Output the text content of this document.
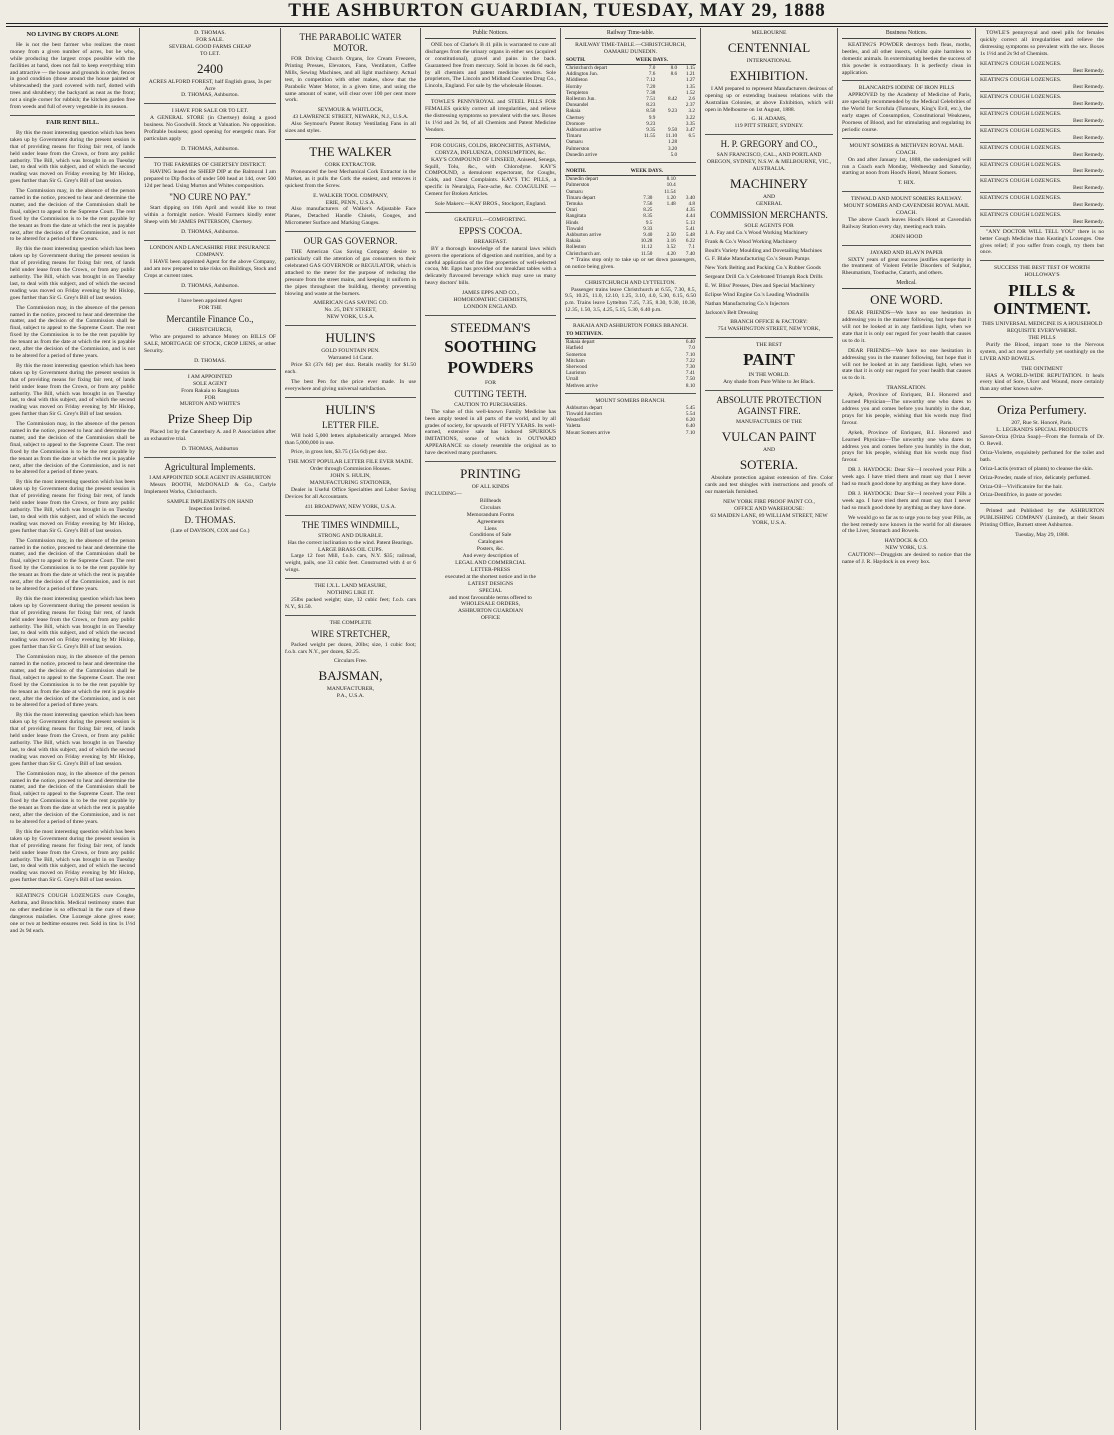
THE ASHBURTON GUARDIAN, TUESDAY, MAY 29, 1888
NO LIVING BY CROPS ALONE

He is not the best farmer who realizes the most money from a given number of acres, but he who, while producing the largest crops possible with the facilities at hand, does not fail to keep everything trim and attractive — the house and grounds in order, fences in good condition (those around the house painted or whitewashed) the yard covered with turf, dotted with trees and shrubbery; the backyard as neat as the front; not a single corner for rubbish; the kitchen garden free from weeds and full of every vegetable in its season.

FAIR RENT BILL.

By this the most interesting question which has been taken up by Government during the present session is that of providing means for fixing fair rent, of lands held under lease from the Crown, or from any public authority. The Bill, which was brought in on Tuesday last, to deal with this subject, and of which the second reading was moved on Friday evening by Mr Hislop, goes further than Sir G. Grey's Bill of last session.

The Commission may, in the absence of the person named in the notice, proceed to hear and determine the matter, and the decision of the Commission shall be final, subject to appeal to the Supreme Court. The rent fixed by the Commission is to be the rent payable by the tenant as from the date at which the rent is payable next, after the decision of the Commission, and is not to be altered for a period of three years.

By this the most interesting question which has been taken up by Government during the present session is that of providing means for fixing fair rent, of lands held under lease from the Crown, or from any public authority. The Bill, which was brought in on Tuesday last, to deal with this subject, and of which the second reading was moved on Friday evening by Mr Hislop, goes further than Sir G. Grey's Bill of last session.

The Commission may, in the absence of the person named in the notice, proceed to hear and determine the matter, and the decision of the Commission shall be final, subject to appeal to the Supreme Court. The rent fixed by the Commission is to be the rent payable by the tenant as from the date at which the rent is payable next, after the decision of the Commission, and is not to be altered for a period of three years.

By this the most interesting question which has been taken up by Government during the present session is that of providing means for fixing fair rent, of lands held under lease from the Crown, or from any public authority. The Bill, which was brought in on Tuesday last, to deal with this subject, and of which the second reading was moved on Friday evening by Mr Hislop, goes further than Sir G. Grey's Bill of last session.

The Commission may, in the absence of the person named in the notice, proceed to hear and determine the matter, and the decision of the Commission shall be final, subject to appeal to the Supreme Court. The rent fixed by the Commission is to be the rent payable by the tenant as from the date at which the rent is payable next, after the decision of the Commission, and is not to be altered for a period of three years.

By this the most interesting question which has been taken up by Government during the present session is that of providing means for fixing fair rent, of lands held under lease from the Crown, or from any public authority. The Bill, which was brought in on Tuesday last, to deal with this subject, and of which the second reading was moved on Friday evening by Mr Hislop, goes further than Sir G. Grey's Bill of last session.

The Commission may, in the absence of the person named in the notice, proceed to hear and determine the matter, and the decision of the Commission shall be final, subject to appeal to the Supreme Court. The rent fixed by the Commission is to be the rent payable by the tenant as from the date at which the rent is payable next, after the decision of the Commission, and is not to be altered for a period of three years.

By this the most interesting question which has been taken up by Government during the present session is that of providing means for fixing fair rent, of lands held under lease from the Crown, or from any public authority. The Bill, which was brought in on Tuesday last, to deal with this subject, and of which the second reading was moved on Friday evening by Mr Hislop, goes further than Sir G. Grey's Bill of last session.

The Commission may, in the absence of the person named in the notice, proceed to hear and determine the matter, and the decision of the Commission shall be final, subject to appeal to the Supreme Court. The rent fixed by the Commission is to be the rent payable by the tenant as from the date at which the rent is payable next, after the decision of the Commission, and is not to be altered for a period of three years.

By this the most interesting question which has been taken up by Government during the present session is that of providing means for fixing fair rent, of lands held under lease from the Crown, or from any public authority. The Bill, which was brought in on Tuesday last, to deal with this subject, and of which the second reading was moved on Friday evening by Mr Hislop, goes further than Sir G. Grey's Bill of last session.

The Commission may, in the absence of the person named in the notice, proceed to hear and determine the matter, and the decision of the Commission shall be final, subject to appeal to the Supreme Court. The rent fixed by the Commission is to be the rent payable by the tenant as from the date at which the rent is payable next, after the decision of the Commission, and is not to be altered for a period of three years.

By this the most interesting question which has been taken up by Government during the present session is that of providing means for fixing fair rent, of lands held under lease from the Crown, or from any public authority. The Bill, which was brought in on Tuesday last, to deal with this subject, and of which the second reading was moved on Friday evening by Mr Hislop, goes further than Sir G. Grey's Bill of last session.

KEATING'S COUGH LOZENGES cure Coughs, Asthma, and Bronchitis. Medical testimony states that no other medicine is so effectual in the cure of these dangerous maladies. One Lozenge alone gives ease; one or two at bedtime ensures rest. Sold in tins 1s 1½d and 2s 9d each.

D. THOMAS.
FOR SALE.
SEVERAL GOOD FARMS CHEAP
TO LET.
2400
ACRES ALFORD FOREST, half English grass, 3s per Acre
D. THOMAS, Ashburton.
I HAVE FOR SALE OR TO LET.

A GENERAL STORE (in Chertsey) doing a good business. No Goodwill. Stock at Valuation. No opposition. Profitable business; good opening for energetic man. For particulars apply

D. THOMAS, Ashburton.
TO THE FARMERS OF CHERTSEY DISTRICT.

HAVING leased the SHEEP DIP at the Balmoral I am prepared to Dip flocks of under 500 head at 14d, over 500 12d per head. Using Murton and Whites composition.

"NO CURE NO PAY."

Start dipping on 16th April and would like to treat within a fortnight notice. Would Farmers kindly enter Sheep with Mr JAMES PATTERSON, Chertsey.

D. THOMAS, Ashburton.
LONDON AND LANCASHIRE FIRE INSURANCE COMPANY.

I HAVE been appointed Agent for the above Company, and am now prepared to take risks on Buildings, Stock and Crops at current rates.

D. THOMAS, Ashburton.
I have been appointed Agent
FOR THE
Mercantile Finance Co.,
CHRISTCHURCH,

Who are prepared to advance Money on BILLS OF SALE, MORTGAGE OF STOCK, CROP LIENS, or other Security.

D. THOMAS.
I AM APPOINTED
SOLE AGENT
From Rakaia to Rangitata
FOR
MURTON AND WHITE'S
Prize Sheep Dip

Placed 1st by the Canterbury A. and P. Association after an exhaustive trial.

D. THOMAS, Ashburton
Agricultural Implements.
I AM APPOINTED SOLE AGENT IN ASHBURTON

Messrs BOOTH, McDONALD & Co., Carlyle Implement Works, Christchurch.

SAMPLE IMPLEMENTS ON HAND
Inspection Invited.
D. THOMAS.
(Late of DAVISON, COX and Co.)
THE PARABOLIC WATER MOTOR.

FOR Driving Church Organs, Ice Cream Freezers, Printing Presses, Elevators, Fans, Ventilators, Coffee Mills, Sewing Machines, and all light machinery. Actual test, in competition with other makes, show that the Parabolic Water Motor, in a given time, and using the same amount of water, will clear over 100 per cent more work.

SEYMOUR & WHITLOCK,
43 LAWRENCE STREET, NEWARK, N.J., U.S.A.

Also Seymour's Patent Rotary Ventilating Fans in all sizes and styles.

THE WALKER
CORK EXTRACTOR.

Pronounced the best Mechanical Cork Extractor in the Market, as it pulls the Cork the easiest, and removes it quickest from the Screw.

E. WALKER TOOL COMPANY,
ERIE, PENN., U.S.A.

Also manufacturers of Walker's Adjustable Face Planes, Detached Handle Chisels, Gouges, and Micrometer Surface and Marking Gauges.

OUR GAS GOVERNOR.

THE American Gas Saving Company desire to particularly call the attention of gas consumers to their celebrated GAS GOVERNOR or REGULATOR, which is attached to the meter for the purpose of reducing the pressure from the street mains, and keeping it uniform in the pipes throughout the building, thereby preventing blowing and waste at the burners.

AMERICAN GAS SAVING CO.
No. 25, DEY STREET,
NEW YORK, U.S.A.
HULIN'S
GOLD FOUNTAIN PEN.
Warranted 14 Carat.

Price $3 (37s 6d) per doz. Retails readily for $1.50 each.

The best Pen for the price ever made. In use everywhere and giving universal satisfaction.

HULIN'S
LETTER FILE.

Will hold 5,000 letters alphabetically arranged. More than 5,000,000 in use.

Price, in gross lots, $3.75 (15s 6d) per doz.

THE MOST POPULAR LETTER FILE EVER MADE.
Order through Commission Houses.
JOHN S. HULIN,
MANUFACTURING STATIONER,

Dealer in Useful Office Specialties and Labor Saving Devices for all Accountants.

411 BROADWAY, NEW YORK, U.S.A.
THE TIMES WINDMILL,
STRONG AND DURABLE.
Has the correct inclination to the wind. Patent Bearings.
LARGE BRASS OIL CUPS.

Large 12 foot Mill, f.o.b. cars, N.Y. $35; railroad, weight, pails, one 33 cubic feet. Constructed with 4 or 6 wings.

THE I.X.L. LAND MEASURE,
NOTHING LIKE IT.

25lbs packed weight; size, 12 cubic feet; f.o.b. cars N.Y., $1.50.

THE COMPLETE
WIRE STRETCHER,

Packed weight per dozen, 20lbs; size, 1 cubic foot; f.o.b. cars N.Y., per dozen, $2.25.

Circulars Free.
BAJSMAN,
MANUFACTURER,
P.A., U.S.A.
Public Notices.

ONE box of Clarke's B 41 pills is warranted to cure all discharges from the urinary organs in either sex (acquired or constitutional), gravel and pains in the back. Guaranteed free from mercury. Sold in boxes 4s 6d each, by all chemists and patent medicine vendors. Sole proprietors, The Lincoln and Midland Counties Drug Co., Lincoln, England. For sale by the wholesale Houses.

TOWLE'S PENNYROYAL and STEEL PILLS FOR FEMALES quickly correct all irregularities, and relieve the distressing symptoms so prevalent with the sex. Boxes 1s 1½d and 2s 9d, of all Chemists and Patent Medicine Vendors.

FOR COUGHS, COLDS, BRONCHITIS, ASTHMA, CORYZA, INFLUENZA, CONSUMPTION, &c.

KAY'S COMPOUND OF LINSEED, Aniseed, Senega, Squill, Tolu, &c., with Chlorodyne. KAY'S COMPOUND, a demulcent expectorant, for Coughs, Colds, and Chest Complaints. KAY'S TIC PILLS, a specific in Neuralgia, Face-ache, &c. COAGULINE — Cement for Broken Articles.

Sole Makers:—KAY BROS., Stockport, England.
GRATEFUL—COMFORTING.
EPPS'S COCOA.
BREAKFAST.

BY a thorough knowledge of the natural laws which govern the operations of digestion and nutrition, and by a careful application of the fine properties of well-selected cocoa, Mr. Epps has provided our breakfast tables with a delicately flavoured beverage which may save us many heavy doctors' bills.

JAMES EPPS AND CO.,
HOMOEOPATHIC CHEMISTS,
LONDON ENGLAND.
STEEDMAN'S
SOOTHING
POWDERS
FOR
CUTTING TEETH.
CAUTION TO PURCHASERS.

The value of this well-known Family Medicine has been amply tested in all parts of the world, and by all grades of society, for upwards of FIFTY YEARS. Its well-earned, extensive sale has induced SPURIOUS IMITATIONS, some of which in OUTWARD APPEARANCE so closely resemble the original as to have deceived many purchasers.

PRINTING
OF ALL KINDS
INCLUDING—
Billheads
Circulars
Memorandum Forms
Agreements
Liens
Conditions of Sale
Catalogues
Posters, &c.
And every description of
LEGAL AND COMMERCIAL
LETTER-PRESS
executed at the shortest notice and in the
LATEST DESIGNS
SPECIAL
and most favourable terms offered to
WHOLESALE ORDERS,
ASHBURTON GUARDIAN
OFFICE
Railway Time-table.
RAILWAY TIME-TABLE.—CHRISTCHURCH, OAMARU DUNEDIN.
SOUTH.	WEEK DAYS.		
Christchurch depart	7.0	8.0	1.15
Addington Jun.	7.6	8.6	1.21
Middleton	7.12		1.27
Hornby	7.20		1.35
Templeton	7.38		1.52
Rolleston Jun.	7.51	8.42	2.6
Dunsandel	8.23		2.37
Rakaia	8.50	9.23	3.2
Chertsey	9.9		3.22
Dromore	9.23		3.35
Ashburton arrive	9.35	9.50	3.47
Timaru	11.55	11.10	6.5
Oamaru		1.28	
Palmerston		3.20	
Dunedin arrive		5.0	
NORTH.	WEEK DAYS.		
Dunedin depart		8.10	
Palmerston		10.4	
Oamaru		11.54	
Timaru depart	7.30	1.20	3.40
Temuka	7.56	1.48	4.8
Orari	8.25		4.35
Rangitata	8.35		4.44
Hinds	9.5		5.13
Tinwald	9.33		5.41
Ashburton arrive	9.40	2.50	5.48
Rakaia	10.28	3.16	6.22
Rolleston	11.12	3.52	7.1
Christchurch arr.	11.50	4.20	7.40

* Trains stop only to take up or set down passengers, on notice being given.

CHRISTCHURCH AND LYTTELTON.

Passenger trains leave Christchurch at 6.55, 7.30, 8.5, 9.5, 10.25, 11.0, 12.10, 1.25, 3.10, 4.0, 5.30, 6.15, 6.50 p.m. Trains leave Lyttelton 7.25, 7.35, 8.30, 9.30, 10.30, 12.35, 1.50, 3.5, 4.25, 5.15, 5.30, 6.40 p.m.

RAKAIA AND ASHBURTON FORKS BRANCH.
TO METHVEN.	
Rakaia depart	6.40
Hatfield	7.0
Somerton	7.10
Mitcham	7.22
Sherwood	7.30
Lauriston	7.41
Urrall	7.50
Methven arrive	8.10
MOUNT SOMERS BRANCH.
Ashburton depart	5.45
Tinwald Junction	5.54
Westerfield	6.20
Valetta	6.40
Mount Somers arrive	7.10
MELBOURNE
CENTENNIAL
INTERNATIONAL
EXHIBITION.

I AM prepared to represent Manufacturers desirous of opening up or extending business relations with the Australian Colonies, at above Exhibition, which will open in Melbourne on 1st August, 1888.

G. H. ADAMS,
119 PITT STREET, SYDNEY.
H. P. GREGORY and CO.,
SAN FRANCISCO, CAL., AND PORTLAND OREGON, SYDNEY, N.S.W. & MELBOURNE, VIC., AUSTRALIA.
MACHINERY
AND
GENERAL
COMMISSION MERCHANTS.
SOLE AGENTS FOR

J. A. Fay and Co.'s Wood Working Machinery

Frank & Co.'s Wood Working Machinery

Boult's Variety Moulding and Dovetailing Machines

G. F. Blake Manufacturing Co.'s Steam Pumps

New York Belting and Packing Co.'s Rubber Goods

Sergeant Drill Co.'s Celebrated Triumph Rock Drills

E. W. Bliss' Presses, Dies and Special Machinery

Eclipse Wind Engine Co.'s Leading Windmills

Nathan Manufacturing Co.'s Injectors

Jackson's Belt Dressing

BRANCH OFFICE & FACTORY:
754 WASHINGTON STREET, NEW YORK,
THE BEST
PAINT
IN THE WORLD.
Any shade from Pure White to Jet Black.
ABSOLUTE PROTECTION AGAINST FIRE.
MANUFACTURES OF THE
VULCAN PAINT
AND
SOTERIA.

Absolute protection against extension of fire. Color cards and test shingles with instructions and proofs of our materials furnished.

NEW YORK FIRE PROOF PAINT CO.,
OFFICE AND WAREHOUSE:
63 MAIDEN LANE, 89 WILLIAM STREET, NEW YORK, U.S.A.
Business Notices.

KEATING'S POWDER destroys both fleas, moths, beetles, and all other insects, whilst quite harmless to domestic animals. In exterminating beetles the success of this powder is extraordinary. It is perfectly clean in application.

BLANCARD'S IODINE OF IRON PILLS

APPROVED by the Academy of Medicine of Paris, are specially recommended by the Medical Celebrities of the World for Scrofula (Tumours, King's Evil, etc.), the early stages of Consumption, Constitutional Weakness, Poorness of Blood, and for stimulating and regulating its periodic course.

MOUNT SOMERS & METHVEN ROYAL MAIL COACH.

On and after January 1st, 1888, the undersigned will run a Coach each Monday, Wednesday and Saturday, starting at noon from Hood's Hotel, Mount Somers.

T. HIX.
TINWALD AND MOUNT SOMERS RAILWAY.
MOUNT SOMERS AND CAVENDISH ROYAL MAIL COACH.

The above Coach leaves Hood's Hotel at Cavendish Railway Station every day, meeting each train.

JOHN HOOD
JAYARD AND BLAYN PAPER

SIXTY years of great success justifies superiority in the treatment of Violent Febrile Disorders of Sulphur, Rheumatism, Toothache, Catarrh, and others.

Medical.
ONE WORD.

DEAR FRIENDS—We have no one hesitation in addressing you in the manner following, but hope that it will not be looked at in any fastidious light, when we state that it is only our regard for your health that causes us to do it.

DEAR FRIENDS—We have no one hesitation in addressing you in the manner following, but hope that it will not be looked at in any fastidious light, when we state that it is only our regard for your health that causes us to do it.

TRANSLATION.

Aykeh, Province of Enriquez, B.I. Honored and Learned Physician—The unworthy one who dares to address you and comes before you humbly in the dust, prays for his people, wishing that his words may find favour.

Aykeh, Province of Enriquez, B.I. Honored and Learned Physician—The unworthy one who dares to address you and comes before you humbly in the dust, prays for his people, wishing that his words may find favour.

DR J. HAYDOCK: Dear Sir—I received your Pills a week ago. I have tried them and must say that I never had so much good done by anything as they have done.

DR J. HAYDOCK: Dear Sir—I received your Pills a week ago. I have tried them and must say that I never had so much good done by anything as they have done.

We would go so far as to urge you to buy your Pills, as the best remedy now known in the world for all diseases of the Liver, Stomach and Bowels.

HAYDOCK & CO.
NEW YORK, U.S.

CAUTION!—Druggists are desired to notice that the name of J. R. Haydock is on every box.

TOWLE'S pennyroyal and steel pills for females quickly correct all irregularities and relieve the distressing symptoms so prevalent with the sex. Boxes 1s 1½d and 2s 9d of Chemists.

KEATING'S COUGH LOZENGES.
Best Remedy.
KEATING'S COUGH LOZENGES.
Best Remedy.
KEATING'S COUGH LOZENGES.
Best Remedy.
KEATING'S COUGH LOZENGES.
Best Remedy.
KEATING'S COUGH LOZENGES.
Best Remedy.
KEATING'S COUGH LOZENGES.
Best Remedy.
KEATING'S COUGH LOZENGES.
Best Remedy.
KEATING'S COUGH LOZENGES.
Best Remedy.
KEATING'S COUGH LOZENGES.
Best Remedy.
KEATING'S COUGH LOZENGES.
Best Remedy.

"ANY DOCTOR WILL TELL YOU" there is no better Cough Medicine than Keating's Lozenges. One gives relief; if you suffer from cough, try them but once.

SUCCESS THE BEST TEST OF WORTH
HOLLOWAY'S
PILLS & OINTMENT.
THIS UNIVERSAL MEDICINE IS A HOUSEHOLD REQUISITE EVERYWHERE.
THE PILLS

Purify the Blood, impart tone to the Nervous system, and act most powerfully yet soothingly on the LIVER AND BOWELS.

THE OINTMENT

HAS A WORLD-WIDE REPUTATION. It heals every kind of Sore, Ulcer and Wound, more certainly than any other known salve.

Oriza Perfumery.
207, Rue St. Honoré, Paris.
L. LEGRAND'S SPECIAL PRODUCTS

Savon-Oriza (Oriza Soap)—From the formula of Dr. O. Reveil.

Oriza-Violette, exquisitely perfumed for the toilet and bath.

Oriza-Lactis (extract of plants) to cleanse the skin.

Oriza-Powder, made of rice, delicately perfumed.

Oriza-Oil—Vivificatoire for the hair.

Oriza-Dentifrice, in paste or powder.

Printed and Published by the ASHBURTON PUBLISHING COMPANY (Limited), at their Steam Printing Office, Burnett street Ashburton.

Tuesday, May 29, 1888.
